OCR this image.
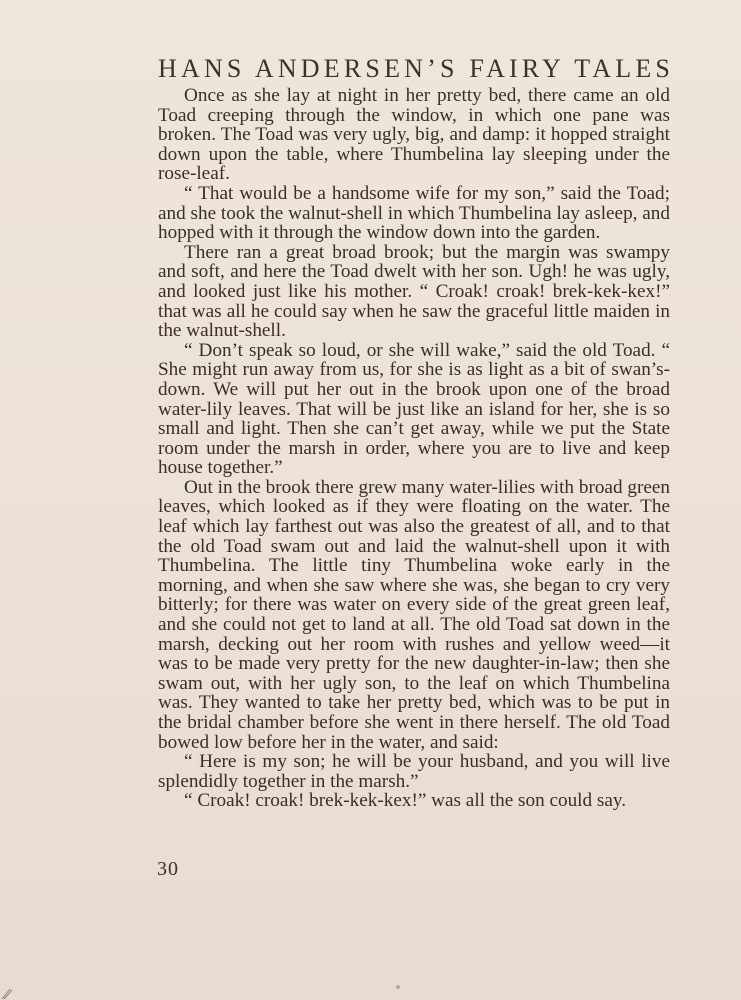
HANS ANDERSEN’S FAIRY TALES

Once as she lay at night in her pretty bed, there came an old Toad creeping through the window, in which one pane was broken. The Toad was very ugly, big, and damp: it hopped straight down upon the table, where Thumbelina lay sleeping under the rose-leaf.

“ That would be a handsome wife for my son,” said the Toad; and she took the walnut-shell in which Thumbelina lay asleep, and hopped with it through the window down into the garden.

There ran a great broad brook; but the margin was swampy and soft, and here the Toad dwelt with her son. Ugh! he was ugly, and looked just like his mother. “ Croak! croak! brek-kek-kex!” that was all he could say when he saw the graceful little maiden in the walnut-shell.

“ Don’t speak so loud, or she will wake,” said the old Toad. “ She might run away from us, for she is as light as a bit of swan’s-down. We will put her out in the brook upon one of the broad water-lily leaves. That will be just like an island for her, she is so small and light. Then she can’t get away, while we put the State room under the marsh in order, where you are to live and keep house together.”

Out in the brook there grew many water-lilies with broad green leaves, which looked as if they were floating on the water. The leaf which lay farthest out was also the greatest of all, and to that the old Toad swam out and laid the walnut-shell upon it with Thumbelina. The little tiny Thumbelina woke early in the morning, and when she saw where she was, she began to cry very bitterly; for there was water on every side of the great green leaf, and she could not get to land at all. The old Toad sat down in the marsh, decking out her room with rushes and yellow weed—it was to be made very pretty for the new daughter-in-law; then she swam out, with her ugly son, to the leaf on which Thumbelina was. They wanted to take her pretty bed, which was to be put in the bridal chamber before she went in there herself. The old Toad bowed low before her in the water, and said:

“ Here is my son; he will be your husband, and you will live splendidly together in the marsh.”

“ Croak! croak! brek-kek-kex!” was all the son could say.

30
